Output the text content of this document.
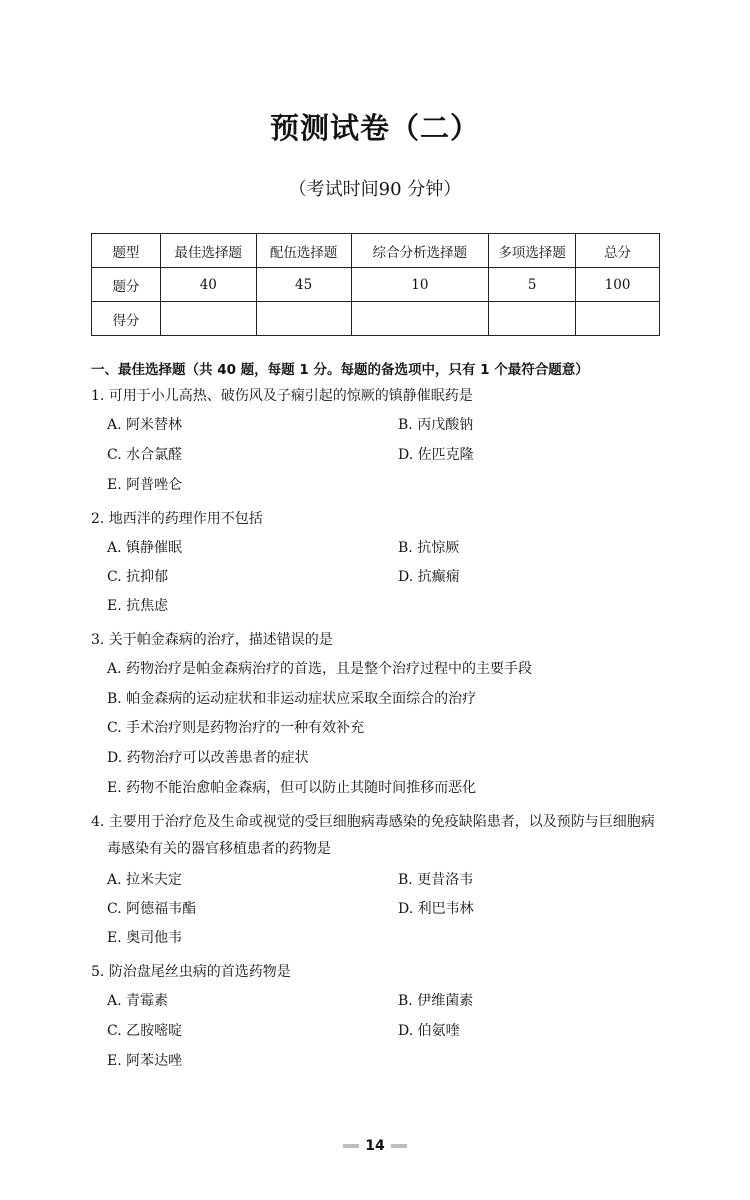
预测试卷（二）
（考试时间90 分钟）
题型	最佳选择题	配伍选择题	综合分析选择题	多项选择题	总分
题分	40	45	10	5	100
得分					
一、最佳选择题（共 40 题，每题 1 分。每题的备选项中，只有 1 个最符合题意）
1. 可用于小儿高热、破伤风及子痫引起的惊厥的镇静催眠药是
A. 阿米替林	B. 丙戊酸钠
C. 水合氯醛	D. 佐匹克隆
E. 阿普唑仑
2. 地西泮的药理作用不包括
A. 镇静催眠	B. 抗惊厥
C. 抗抑郁	D. 抗癫痫
E. 抗焦虑
3. 关于帕金森病的治疗，描述错误的是
A. 药物治疗是帕金森病治疗的首选，且是整个治疗过程中的主要手段
B. 帕金森病的运动症状和非运动症状应采取全面综合的治疗
C. 手术治疗则是药物治疗的一种有效补充
D. 药物治疗可以改善患者的症状
E. 药物不能治愈帕金森病，但可以防止其随时间推移而恶化
4. 主要用于治疗危及生命或视觉的受巨细胞病毒感染的免疫缺陷患者，以及预防与巨细胞病
毒感染有关的器官移植患者的药物是
A. 拉米夫定	B. 更昔洛韦
C. 阿德福韦酯	D. 利巴韦林
E. 奥司他韦
5. 防治盘尾丝虫病的首选药物是
A. 青霉素	B. 伊维菌素
C. 乙胺嘧啶	D. 伯氨喹
E. 阿苯达唑
14
